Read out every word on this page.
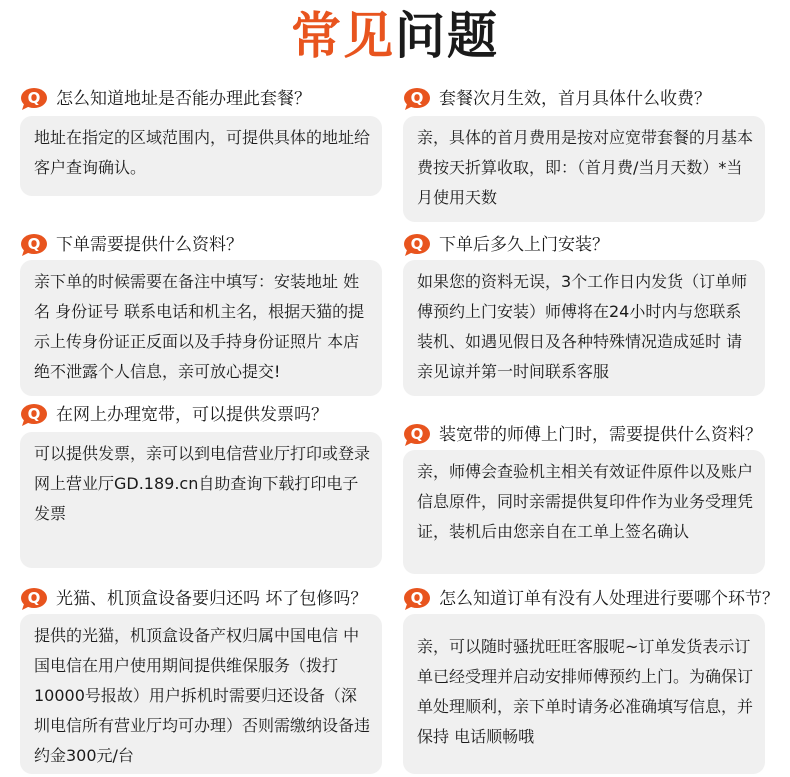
常见问题
Q 怎么知道地址是否能办理此套餐？
地址在指定的区域范围内，可提供具体的地址给客户查询确认。
Q 套餐次月生效，首月具体什么收费？
亲，具体的首月费用是按对应宽带套餐的月基本费按天折算收取，即：（首月费/当月天数）*当月使用天数
Q 下单需要提供什么资料？
亲下单的时候需要在备注中填写：安装地址 姓名 身份证号 联系电话和机主名，根据天猫的提示上传身份证正反面以及手持身份证照片 本店绝不泄露个人信息，亲可放心提交!
Q 下单后多久上门安装？
如果您的资料无误，3个工作日内发货（订单师傅预约上门安装）师傅将在24小时内与您联系装机、如遇见假日及各种特殊情况造成延时 请亲见谅并第一时间联系客服
Q 在网上办理宽带，可以提供发票吗？
可以提供发票，亲可以到电信营业厅打印或登录网上营业厅GD.189.cn自助查询下载打印电子发票
Q 装宽带的师傅上门时，需要提供什么资料？
亲，师傅会查验机主相关有效证件原件以及账户信息原件，同时亲需提供复印件作为业务受理凭证，装机后由您亲自在工单上签名确认
Q 光猫、机顶盒设备要归还吗 坏了包修吗？
提供的光猫，机顶盒设备产权归属中国电信 中国电信在用户使用期间提供维保服务（拨打10000号报故）用户拆机时需要归还设备（深圳电信所有营业厅均可办理）否则需缴纳设备违约金300元/台
Q 怎么知道订单有没有人处理进行要哪个环节？
亲，可以随时骚扰旺旺客服呢~订单发货表示订单已经受理并启动安排师傅预约上门。为确保订单处理顺利，亲下单时请务必准确填写信息，并保持 电话顺畅哦
